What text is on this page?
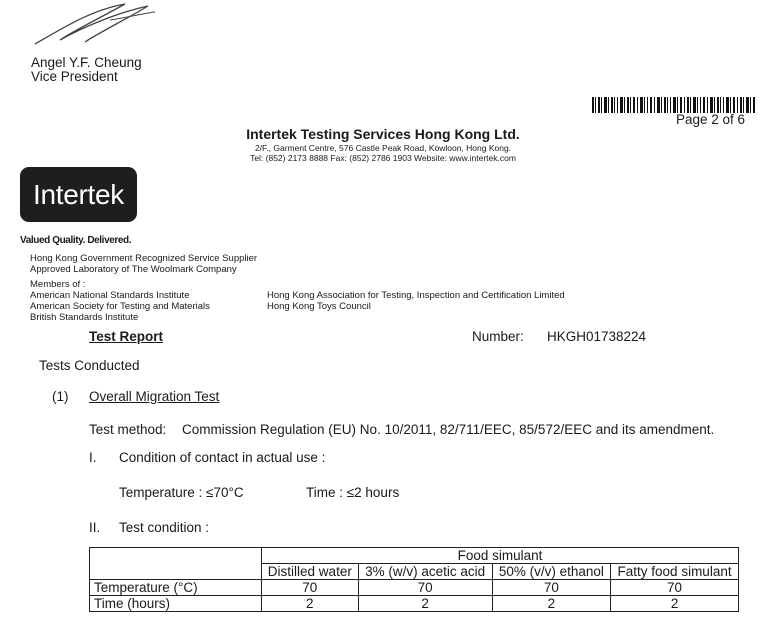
Angel Y.F. Cheung
Vice President
Page 2 of 6
Intertek Testing Services Hong Kong Ltd.
2/F., Garment Centre, 576 Castle Peak Road, Kowloon, Hong Kong.
Tel: (852) 2173 8888 Fax: (852) 2786 1903 Website: www.intertek.com
Intertek
Valued Quality. Delivered.
Hong Kong Government Recognized Service Supplier
Approved Laboratory of The Woolmark Company
Members of :
American National Standards Institute
American Society for Testing and Materials
British Standards Institute
Hong Kong Association for Testing, Inspection and Certification Limited
Hong Kong Toys Council
Test Report	Number: HKGH01738224
Tests Conducted
(1) Overall Migration Test
Test method: Commission Regulation (EU) No. 10/2011, 82/711/EEC, 85/572/EEC and its amendment.
I. Condition of contact in actual use :
Temperature : ≤70°C	Time : ≤2 hours
II. Test condition :
	Food simulant			
	Distilled water	3% (w/v) acetic acid	50% (v/v) ethanol	Fatty food simulant
Temperature (°C)	70	70	70	70
Time (hours)	2	2	2	2
